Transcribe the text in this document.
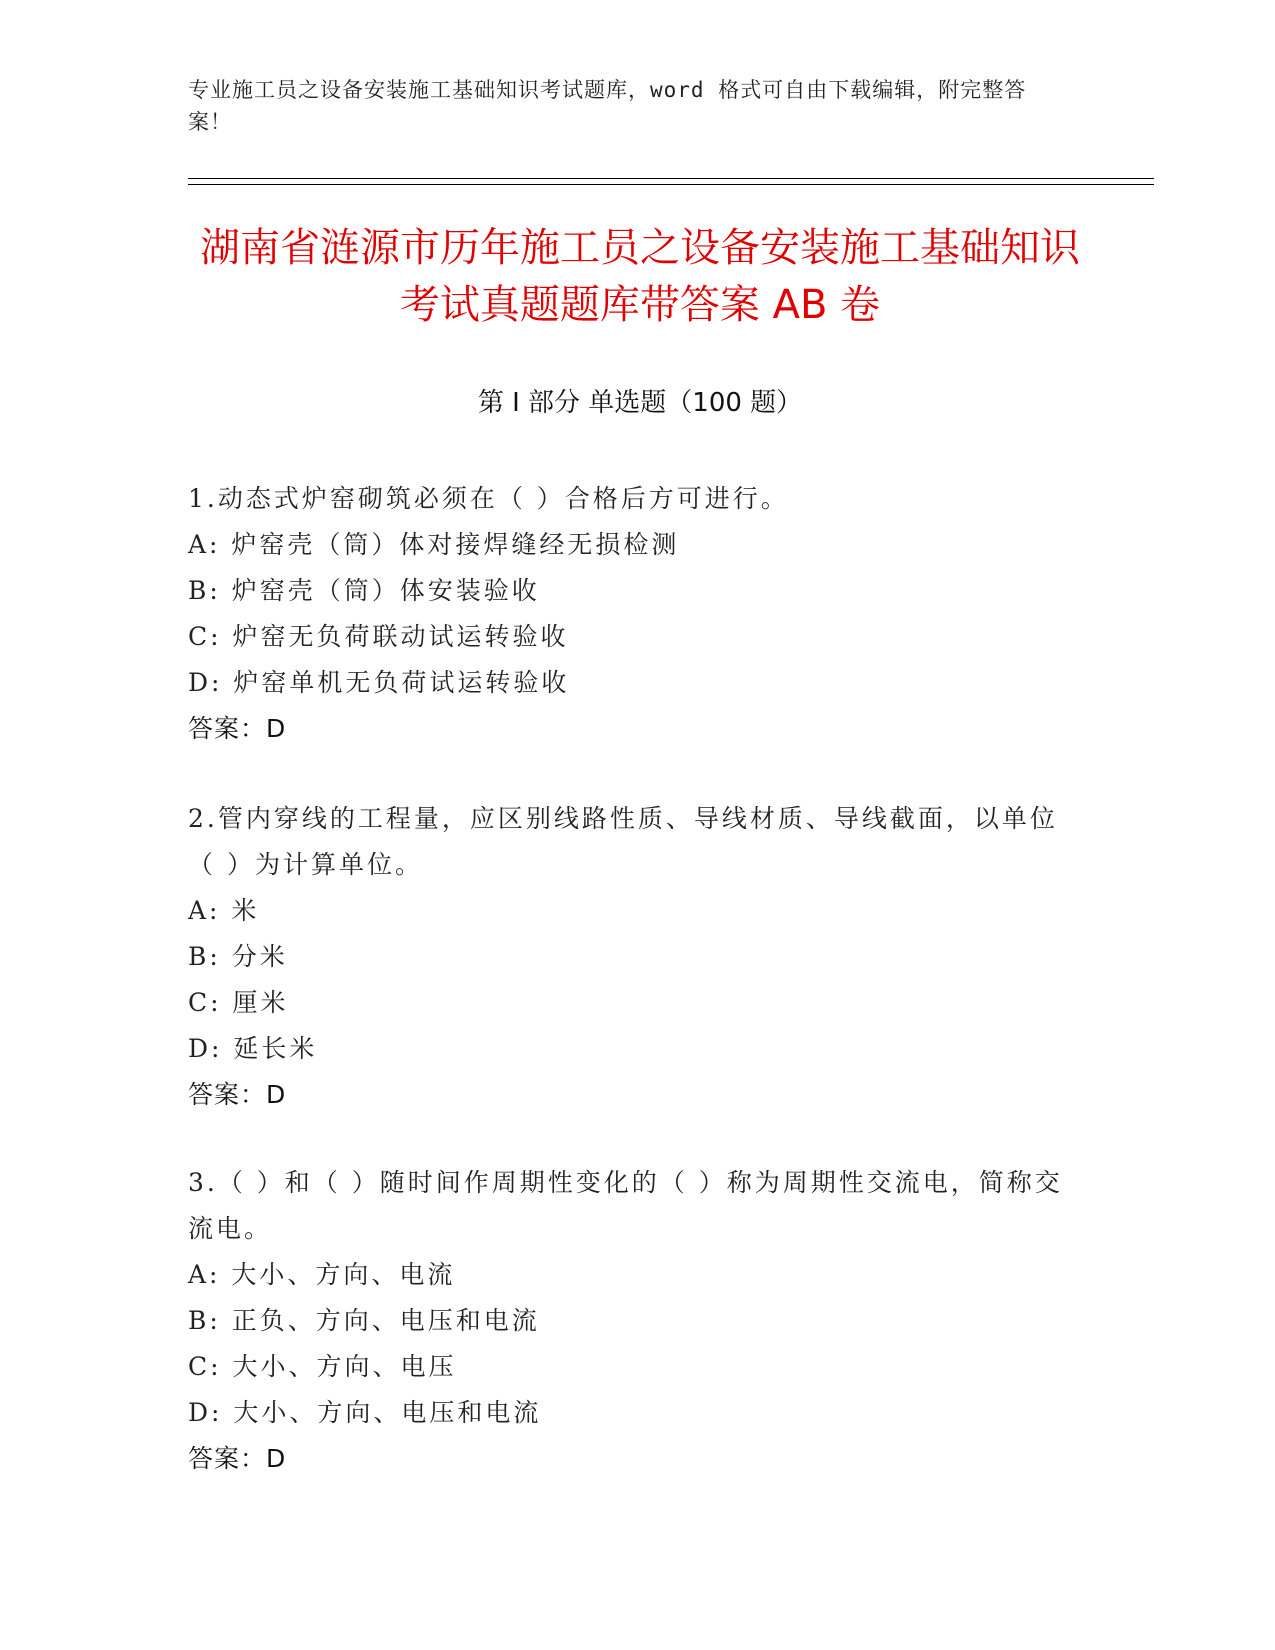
专业施工员之设备安装施工基础知识考试题库，word 格式可自由下载编辑，附完整答案！
湖南省涟源市历年施工员之设备安装施工基础知识考试真题题库带答案 AB 卷
第 I 部分 单选题（100 题）
1.动态式炉窑砌筑必须在（ ）合格后方可进行。
A: 炉窑壳（筒）体对接焊缝经无损检测
B: 炉窑壳（筒）体安装验收
C: 炉窑无负荷联动试运转验收
D: 炉窑单机无负荷试运转验收
答案：D
2.管内穿线的工程量，应区别线路性质、导线材质、导线截面，以单位（ ）为计算单位。
A: 米
B: 分米
C: 厘米
D: 延长米
答案：D
3.（ ）和（ ）随时间作周期性变化的（ ）称为周期性交流电，简称交流电。
A: 大小、方向、电流
B: 正负、方向、电压和电流
C: 大小、方向、电压
D: 大小、方向、电压和电流
答案：D
